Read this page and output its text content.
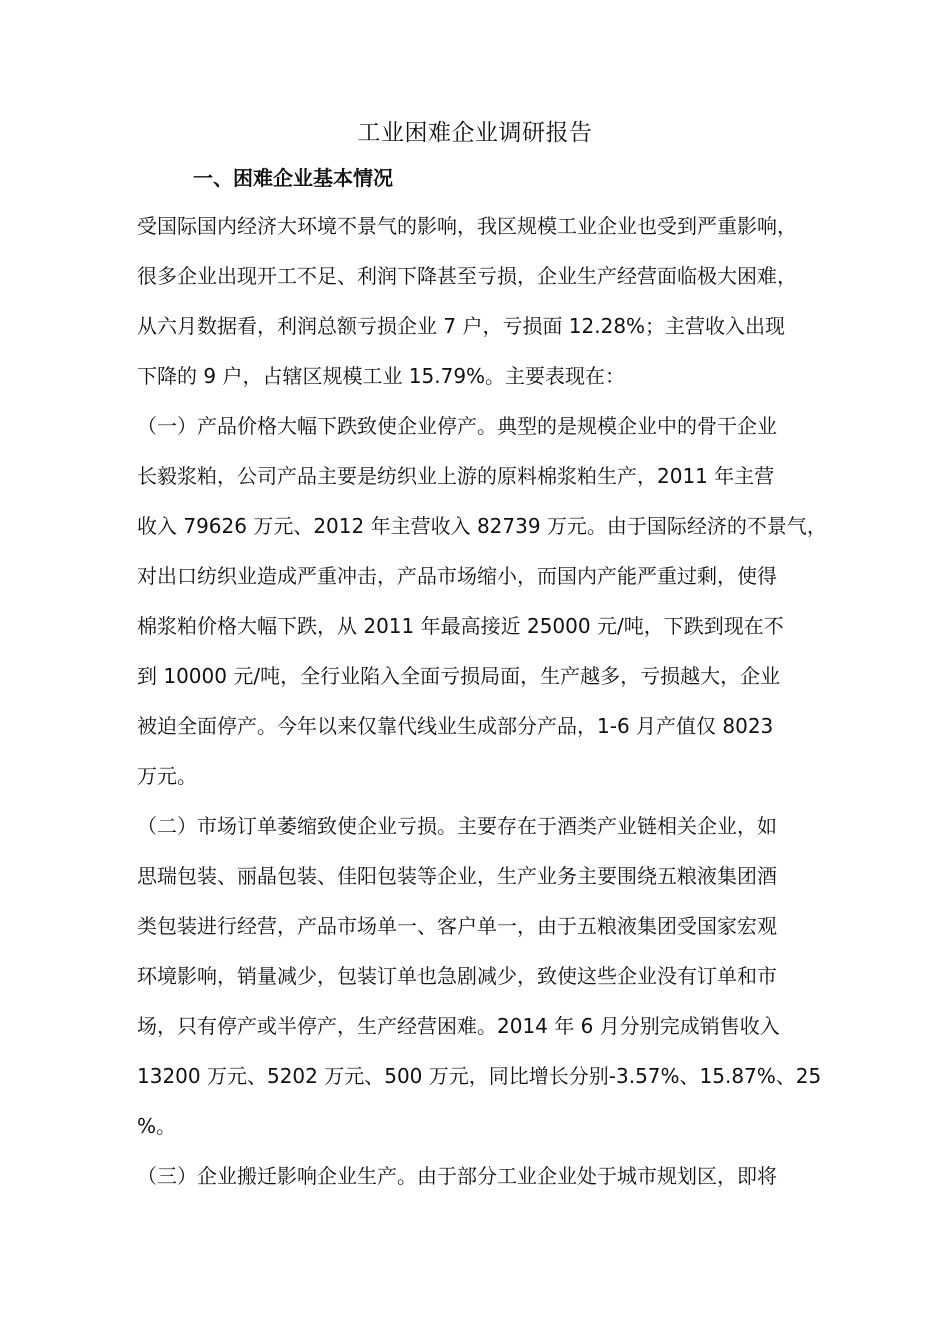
工业困难企业调研报告
一、困难企业基本情况
受国际国内经济大环境不景气的影响，我区规模工业企业也受到严重影响，
很多企业出现开工不足、利润下降甚至亏损，企业生产经营面临极大困难，
从六月数据看，利润总额亏损企业 7 户，亏损面 12.28%；主营收入出现
下降的 9 户，占辖区规模工业 15.79%。主要表现在：
（一）产品价格大幅下跌致使企业停产。典型的是规模企业中的骨干企业
长毅浆粕，公司产品主要是纺织业上游的原料棉浆粕生产，2011 年主营
收入 79626 万元、2012 年主营收入 82739 万元。由于国际经济的不景气，
对出口纺织业造成严重冲击，产品市场缩小，而国内产能严重过剩，使得
棉浆粕价格大幅下跌，从 2011 年最高接近 25000 元/吨，下跌到现在不
到 10000 元/吨，全行业陷入全面亏损局面，生产越多，亏损越大，企业
被迫全面停产。今年以来仅靠代线业生成部分产品，1-6 月产值仅 8023
万元。
（二）市场订单萎缩致使企业亏损。主要存在于酒类产业链相关企业，如
思瑞包装、丽晶包装、佳阳包装等企业，生产业务主要围绕五粮液集团酒
类包装进行经营，产品市场单一、客户单一，由于五粮液集团受国家宏观
环境影响，销量减少，包装订单也急剧减少，致使这些企业没有订单和市
场，只有停产或半停产，生产经营困难。2014 年 6 月分别完成销售收入
13200 万元、5202 万元、500 万元，同比增长分别-3.57%、15.87%、25
%。
（三）企业搬迁影响企业生产。由于部分工业企业处于城市规划区，即将
